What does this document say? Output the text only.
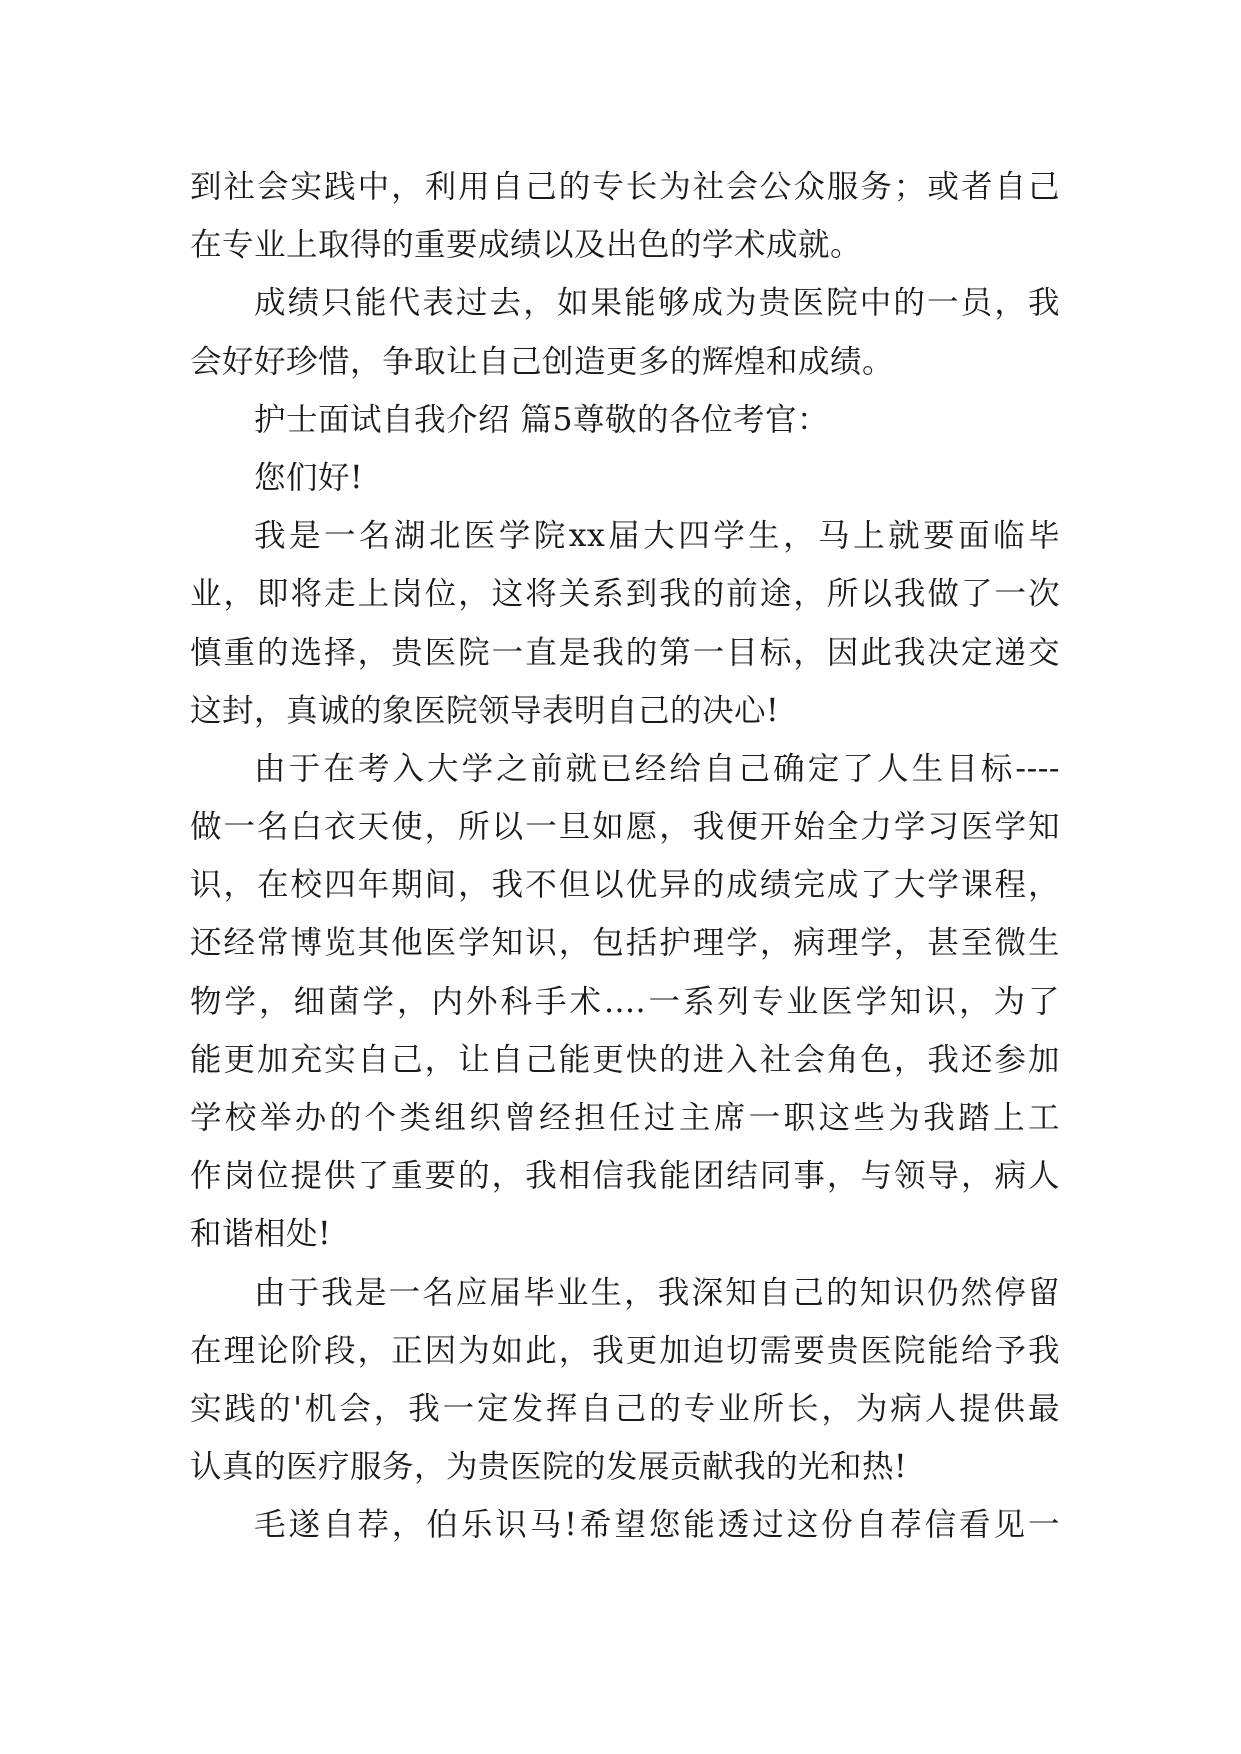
到社会实践中，利用自己的专长为社会公众服务；或者自己
在专业上取得的重要成绩以及出色的学术成就。
成绩只能代表过去，如果能够成为贵医院中的一员，我
会好好珍惜，争取让自己创造更多的辉煌和成绩。
护士面试自我介绍 篇5尊敬的各位考官：
您们好!
我是一名湖北医学院xx届大四学生，马上就要面临毕
业，即将走上岗位，这将关系到我的前途，所以我做了一次
慎重的选择，贵医院一直是我的第一目标，因此我决定递交
这封，真诚的象医院领导表明自己的决心!
由于在考入大学之前就已经给自己确定了人生目标----
做一名白衣天使，所以一旦如愿，我便开始全力学习医学知
识，在校四年期间，我不但以优异的成绩完成了大学课程，
还经常博览其他医学知识，包括护理学，病理学，甚至微生
物学，细菌学，内外科手术....一系列专业医学知识，为了
能更加充实自己，让自己能更快的进入社会角色，我还参加
学校举办的个类组织曾经担任过主席一职这些为我踏上工
作岗位提供了重要的，我相信我能团结同事，与领导，病人
和谐相处!
由于我是一名应届毕业生，我深知自己的知识仍然停留
在理论阶段，正因为如此，我更加迫切需要贵医院能给予我
实践的'机会，我一定发挥自己的专业所长，为病人提供最
认真的医疗服务，为贵医院的发展贡献我的光和热!
毛遂自荐，伯乐识马!希望您能透过这份自荐信看见一
